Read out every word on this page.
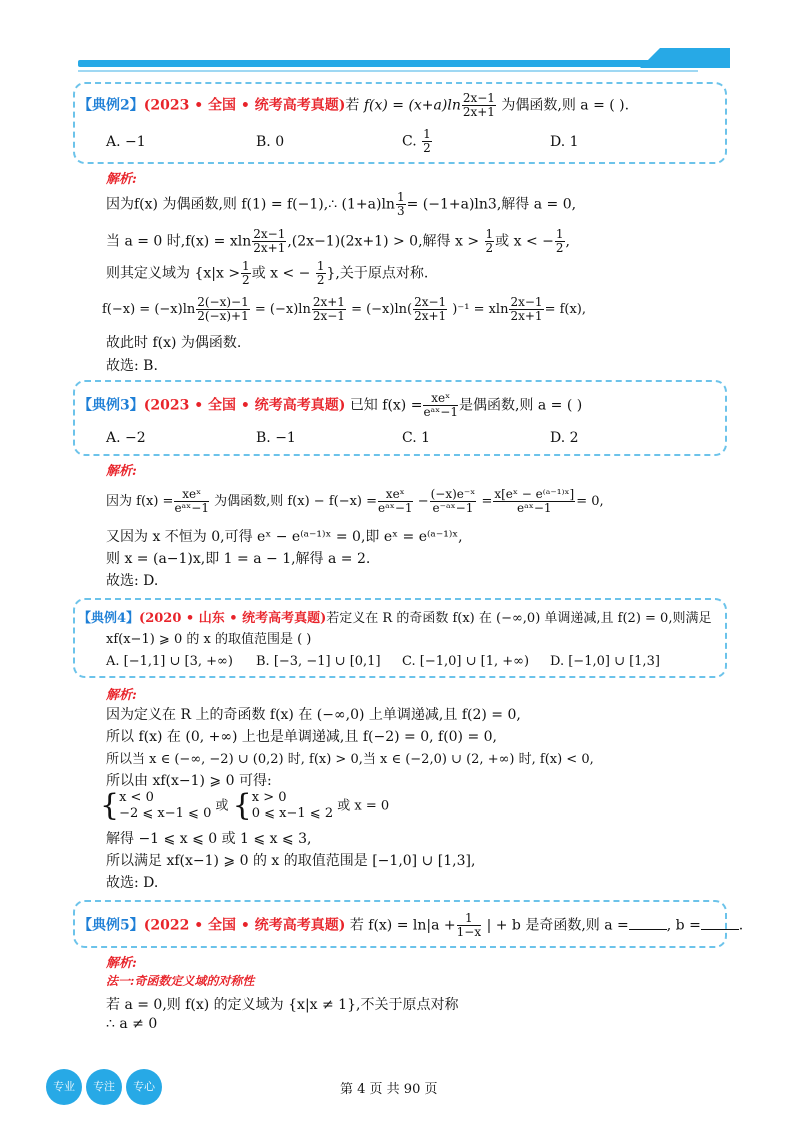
【典例2】(2023 • 全国 • 统考高考真题)若 $f(x) = (x+a)\ln \frac{2x-1}{2x+1}$ 为偶函数,则 a = ( ).
A. −1	B. 0	C. $\frac{1}{2}$	D. 1
解析:
因为f(x) 为偶函数,则 f(1) = f(−1),∴ $(1+a)\ln \frac{1}{3} = (-1+a)\ln 3$,解得 a = 0,
当 a = 0 时,f(x) = xln $\frac{2x-1}{2x+1} ,(2x-1)(2x+1) > 0$,解得 $x > \frac{1}{2}$ 或 x < − $\frac{1}{2}$ ,
则其定义域为 {$x|x > \frac{1}{2}$ 或 x < − $\frac{1}{2}$ },关于原点对称.
$f(-x) = (-x)\ln \frac{2(-x)-1}{2(-x)+1} = (-x)\ln \frac{2x+1}{2x-1} = (-x)\ln( \frac{2x-1}{2x+1} )^{-1} = xln \frac{2x-1}{2x+1} = f(x)$,
故此时 f(x) 为偶函数.
故选: B.
【典例3】(2023 • 全国 • 统考高考真题) 已知 $f(x) = \frac{\text{xeˣ}}{\text{eᵃˣ−1}}$ 是偶函数,则 a = ( )
A. −2	B. −1	C. 1	D. 2
解析:
因为 $f(x) = \frac{\text{xeˣ}}{\text{eᵃˣ−1}}$ 为偶函数,则 $f(x) - f(-x) = \frac{\text{xeˣ}}{\text{eᵃˣ−1}} - \frac{\text{(−x)e⁻ˣ}}{\text{e⁻ᵃˣ−1}} = \frac{\text{x[eˣ − e⁽ᵃ⁻¹⁾ˣ]}}{\text{eᵃˣ−1}} = 0$,
又因为 x 不恒为 0,可得 eˣ − e⁽ᵃ⁻¹⁾ˣ = 0,即 eˣ = e⁽ᵃ⁻¹⁾ˣ,
则 x = (a−1)x,即 1 = a − 1,解得 a = 2.
故选: D.
【典例4】(2020 • 山东 • 统考高考真题)若定义在 R 的奇函数 f(x) 在 (−∞,0) 单调递减,且 f(2) = 0,则满足
xf(x−1) ⩾ 0 的 x 的取值范围是 ( )
A. [−1,1] ∪ [3, +∞) B. [−3, −1] ∪ [0,1] C. [−1,0] ∪ [1, +∞) D. [−1,0] ∪ [1,3]
解析:
因为定义在 R 上的奇函数 f(x) 在 (−∞,0) 上单调递减,且 f(2) = 0,
所以 f(x) 在 (0, +∞) 上也是单调递减,且 f(−2) = 0, f(0) = 0,
所以当 x ∈ (−∞, −2) ∪ (0,2) 时, f(x) > 0,当 x ∈ (−2,0) ∪ (2, +∞) 时, f(x) < 0,
所以由 xf(x−1) ⩾ 0 可得:
{x < 0
−2 ⩽ x−1 ⩽ 0 或 {x > 0
0 ⩽ x−1 ⩽ 2 或 x = 0
解得 −1 ⩽ x ⩽ 0 或 1 ⩽ x ⩽ 3,
所以满足 xf(x−1) ⩾ 0 的 x 的取值范围是 [−1,0] ∪ [1,3],
故选: D.
【典例5】(2022 • 全国 • 统考高考真题) 若 $f(x) = \ln|a + \frac{1}{1-x}$ | + b 是奇函数,则 a =	, b =	.
解析:
法一:奇函数定义域的对称性
若 a = 0,则 f(x) 的定义域为 {x|x ≠ 1},不关于原点对称
∴ a ≠ 0
专业	专注	专心	第 4 页 共 90 页
